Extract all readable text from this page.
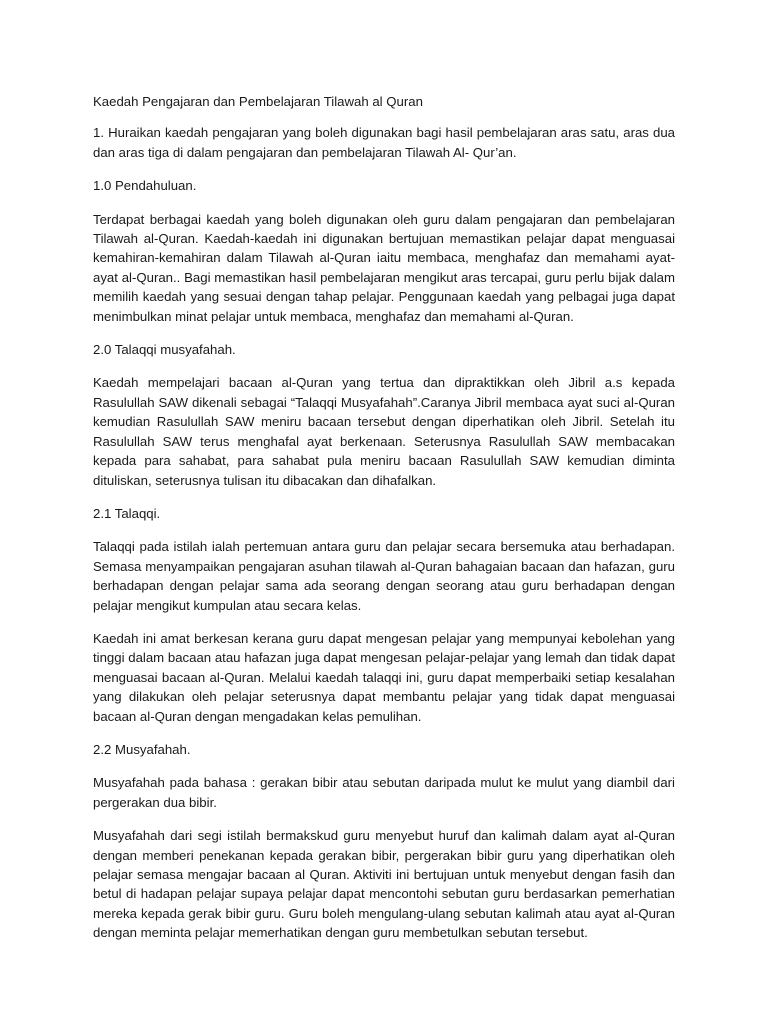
Kaedah Pengajaran dan Pembelajaran Tilawah al Quran

1. Huraikan kaedah pengajaran yang boleh digunakan bagi hasil pembelajaran aras satu, aras dua dan aras tiga di dalam pengajaran dan pembelajaran Tilawah Al- Qur’an.

1.0 Pendahuluan.

Terdapat berbagai kaedah yang boleh digunakan oleh guru dalam pengajaran dan pembelajaran Tilawah al-Quran. Kaedah-kaedah ini digunakan bertujuan memastikan pelajar dapat menguasai kemahiran-kemahiran dalam Tilawah al-Quran iaitu membaca, menghafaz dan memahami ayat-ayat al-Quran.. Bagi memastikan hasil pembelajaran mengikut aras tercapai, guru perlu bijak dalam memilih kaedah yang sesuai dengan tahap pelajar. Penggunaan kaedah yang pelbagai juga dapat menimbulkan minat pelajar untuk membaca, menghafaz dan memahami al-Quran.

2.0 Talaqqi musyafahah.

Kaedah mempelajari bacaan al-Quran yang tertua dan dipraktikkan oleh Jibril a.s kepada Rasulullah SAW dikenali sebagai “Talaqqi Musyafahah”.Caranya Jibril membaca ayat suci al-Quran kemudian Rasulullah SAW meniru bacaan tersebut dengan diperhatikan oleh Jibril. Setelah itu Rasulullah SAW terus menghafal ayat berkenaan. Seterusnya Rasulullah SAW membacakan kepada para sahabat, para sahabat pula meniru bacaan Rasulullah SAW kemudian diminta dituliskan, seterusnya tulisan itu dibacakan dan dihafalkan.

2.1 Talaqqi.

Talaqqi pada istilah ialah pertemuan antara guru dan pelajar secara bersemuka atau berhadapan. Semasa menyampaikan pengajaran asuhan tilawah al-Quran bahagaian bacaan dan hafazan, guru berhadapan dengan pelajar sama ada seorang dengan seorang atau guru berhadapan dengan pelajar mengikut kumpulan atau secara kelas.

Kaedah ini amat berkesan kerana guru dapat mengesan pelajar yang mempunyai kebolehan yang tinggi dalam bacaan atau hafazan juga dapat mengesan pelajar-pelajar yang lemah dan tidak dapat menguasai bacaan al-Quran. Melalui kaedah talaqqi ini, guru dapat memperbaiki setiap kesalahan yang dilakukan oleh pelajar seterusnya dapat membantu pelajar yang tidak dapat menguasai bacaan al-Quran dengan mengadakan kelas pemulihan.

2.2 Musyafahah.

Musyafahah pada bahasa : gerakan bibir atau sebutan daripada mulut ke mulut yang diambil dari pergerakan dua bibir.

Musyafahah dari segi istilah bermakskud guru menyebut huruf dan kalimah dalam ayat al-Quran dengan memberi penekanan kepada gerakan bibir, pergerakan bibir guru yang diperhatikan oleh pelajar semasa mengajar bacaan al Quran. Aktiviti ini bertujuan untuk menyebut dengan fasih dan betul di hadapan pelajar supaya pelajar dapat mencontohi sebutan guru berdasarkan pemerhatian mereka kepada gerak bibir guru. Guru boleh mengulang-ulang sebutan kalimah atau ayat al-Quran dengan meminta pelajar memerhatikan dengan guru membetulkan sebutan tersebut.
